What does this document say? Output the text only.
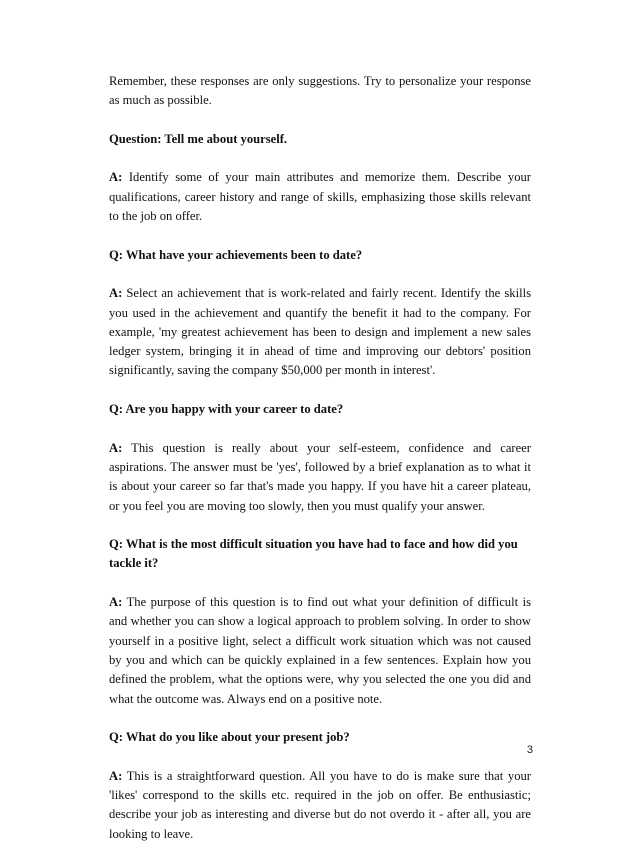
Remember, these responses are only suggestions. Try to personalize your response as much as possible.

Question: Tell me about yourself.

A: Identify some of your main attributes and memorize them. Describe your qualifications, career history and range of skills, emphasizing those skills relevant to the job on offer.

Q: What have your achievements been to date?

A: Select an achievement that is work-related and fairly recent. Identify the skills you used in the achievement and quantify the benefit it had to the company. For example, 'my greatest achievement has been to design and implement a new sales ledger system, bringing it in ahead of time and improving our debtors' position significantly, saving the company $50,000 per month in interest'.

Q: Are you happy with your career to date?

A: This question is really about your self-esteem, confidence and career aspirations. The answer must be 'yes', followed by a brief explanation as to what it is about your career so far that's made you happy. If you have hit a career plateau, or you feel you are moving too slowly, then you must qualify your answer.

Q: What is the most difficult situation you have had to face and how did you tackle it?

A: The purpose of this question is to find out what your definition of difficult is and whether you can show a logical approach to problem solving. In order to show yourself in a positive light, select a difficult work situation which was not caused by you and which can be quickly explained in a few sentences. Explain how you defined the problem, what the options were, why you selected the one you did and what the outcome was. Always end on a positive note.

Q: What do you like about your present job?

A: This is a straightforward question. All you have to do is make sure that your 'likes' correspond to the skills etc. required in the job on offer. Be enthusiastic; describe your job as interesting and diverse but do not overdo it - after all, you are looking to leave.

3
